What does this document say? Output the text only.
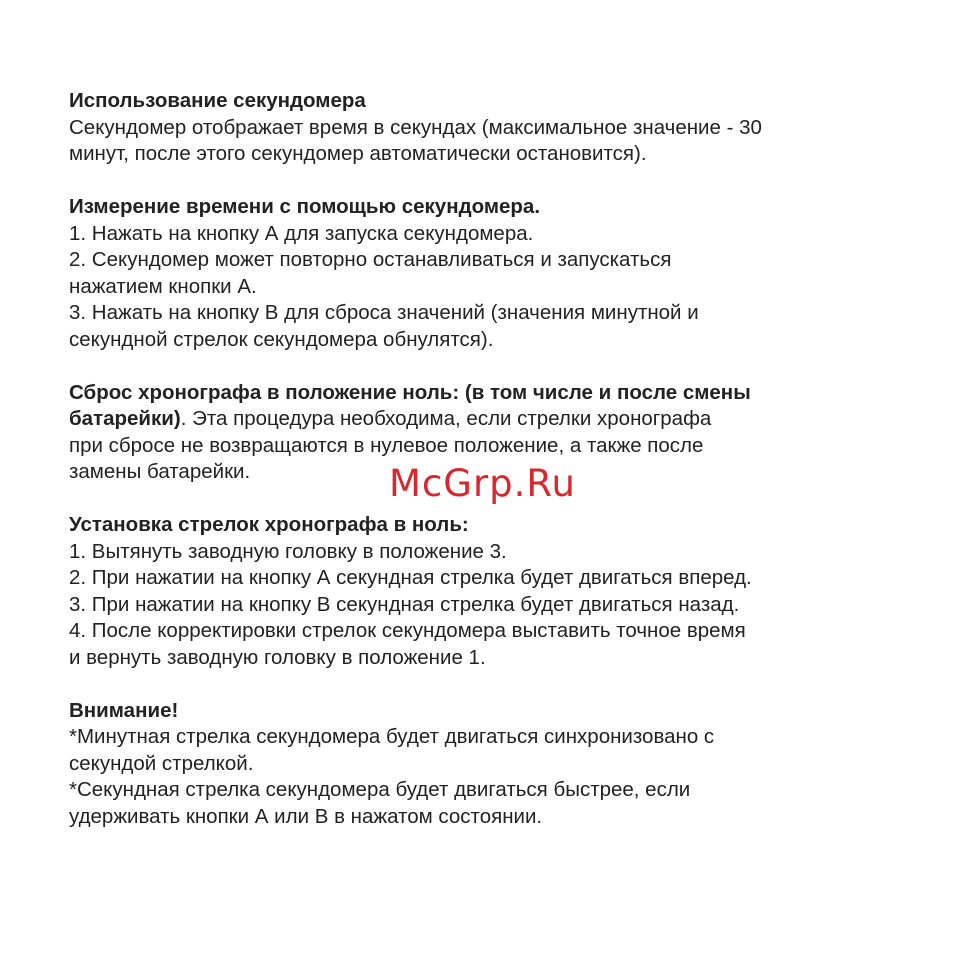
Использование секундомера
Секундомер отображает время в секундах (максимальное значение - 30
минут, после этого секундомер автоматически остановится).
Измерение времени с помощью секундомера.
1. Нажать на кнопку А для запуска секундомера.
2. Секундомер может повторно останавливаться и запускаться
нажатием кнопки А.
3. Нажать на кнопку В для сброса значений (значения минутной и
секундной стрелок секундомера обнулятся).
Сброс хронографа в положение ноль: (в том числе и после смены
батарейки). Эта процедура необходима, если стрелки хронографа
при сбросе не возвращаются в нулевое положение, а также после
замены батарейки.
Установка стрелок хронографа в ноль:
1. Вытянуть заводную головку в положение 3.
2. При нажатии на кнопку А секундная стрелка будет двигаться вперед.
3. При нажатии на кнопку В секундная стрелка будет двигаться назад.
4. После корректировки стрелок секундомера выставить точное время
и вернуть заводную головку в положение 1.
Внимание!
*Минутная стрелка секундомера будет двигаться синхронизовано с
секундой стрелкой.
*Секундная стрелка секундомера будет двигаться быстрее, если
удерживать кнопки А или В в нажатом состоянии.
McGrp.Ru
